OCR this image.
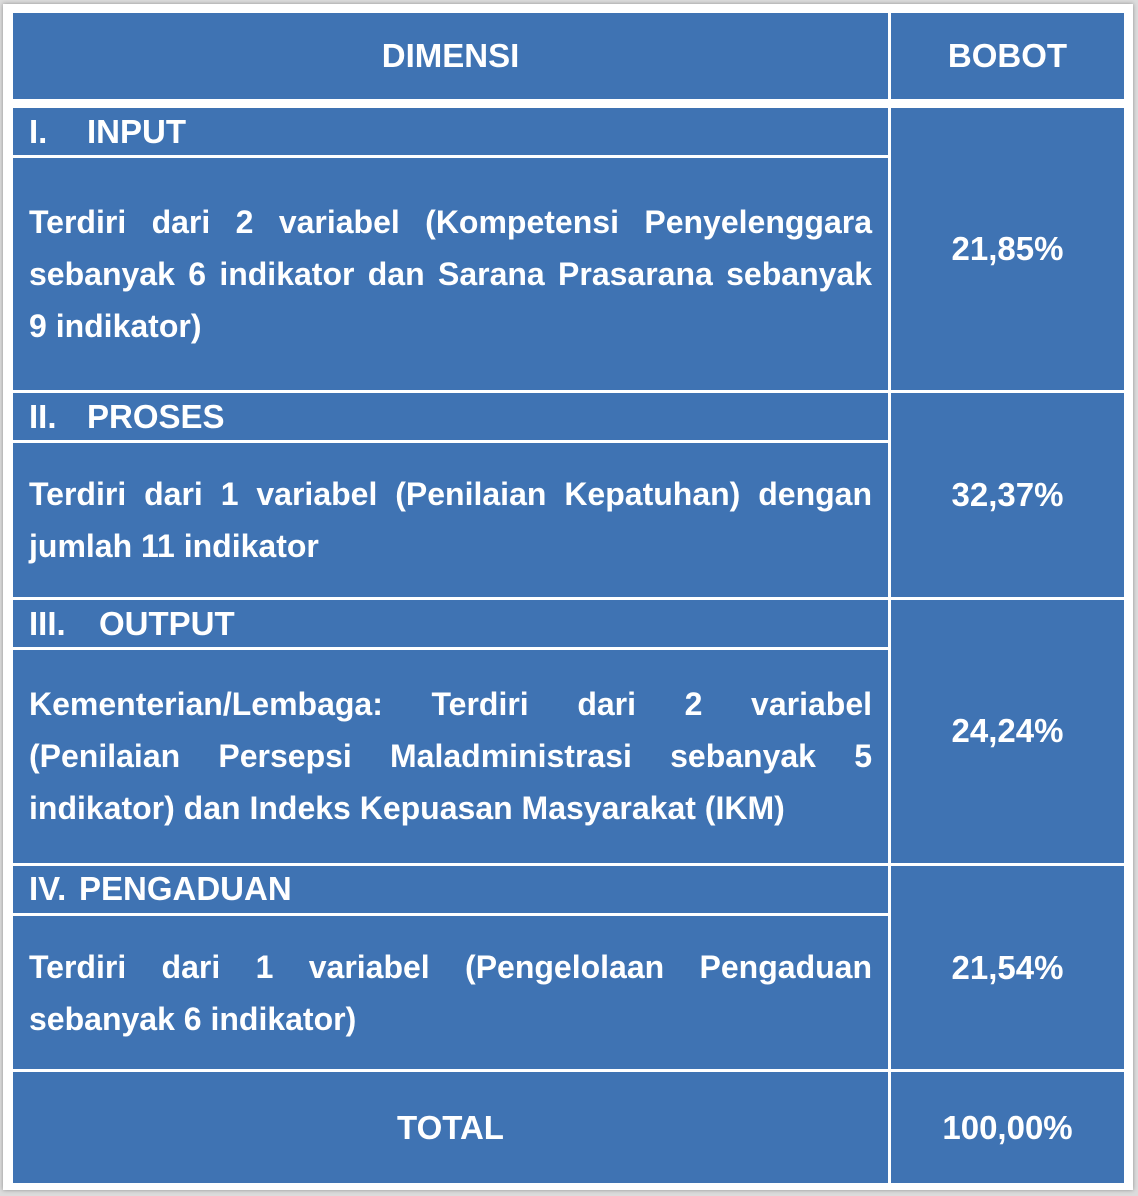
DIMENSI	BOBOT
I. INPUT	21,85%
Terdiri dari 2 variabel (Kompetensi Penyelenggara sebanyak 6 indikator dan Sarana Prasarana sebanyak 9 indikator)	
II. PROSES	32,37%
Terdiri dari 1 variabel (Penilaian Kepatuhan) dengan jumlah 11 indikator	
III. OUTPUT	24,24%
Kementerian/Lembaga: Terdiri dari 2 variabel (Penilaian Persepsi Maladministrasi sebanyak 5 indikator) dan Indeks Kepuasan Masyarakat (IKM)	
IV. PENGADUAN	21,54%
Terdiri dari 1 variabel (Pengelolaan Pengaduan sebanyak 6 indikator)	
TOTAL	100,00%
